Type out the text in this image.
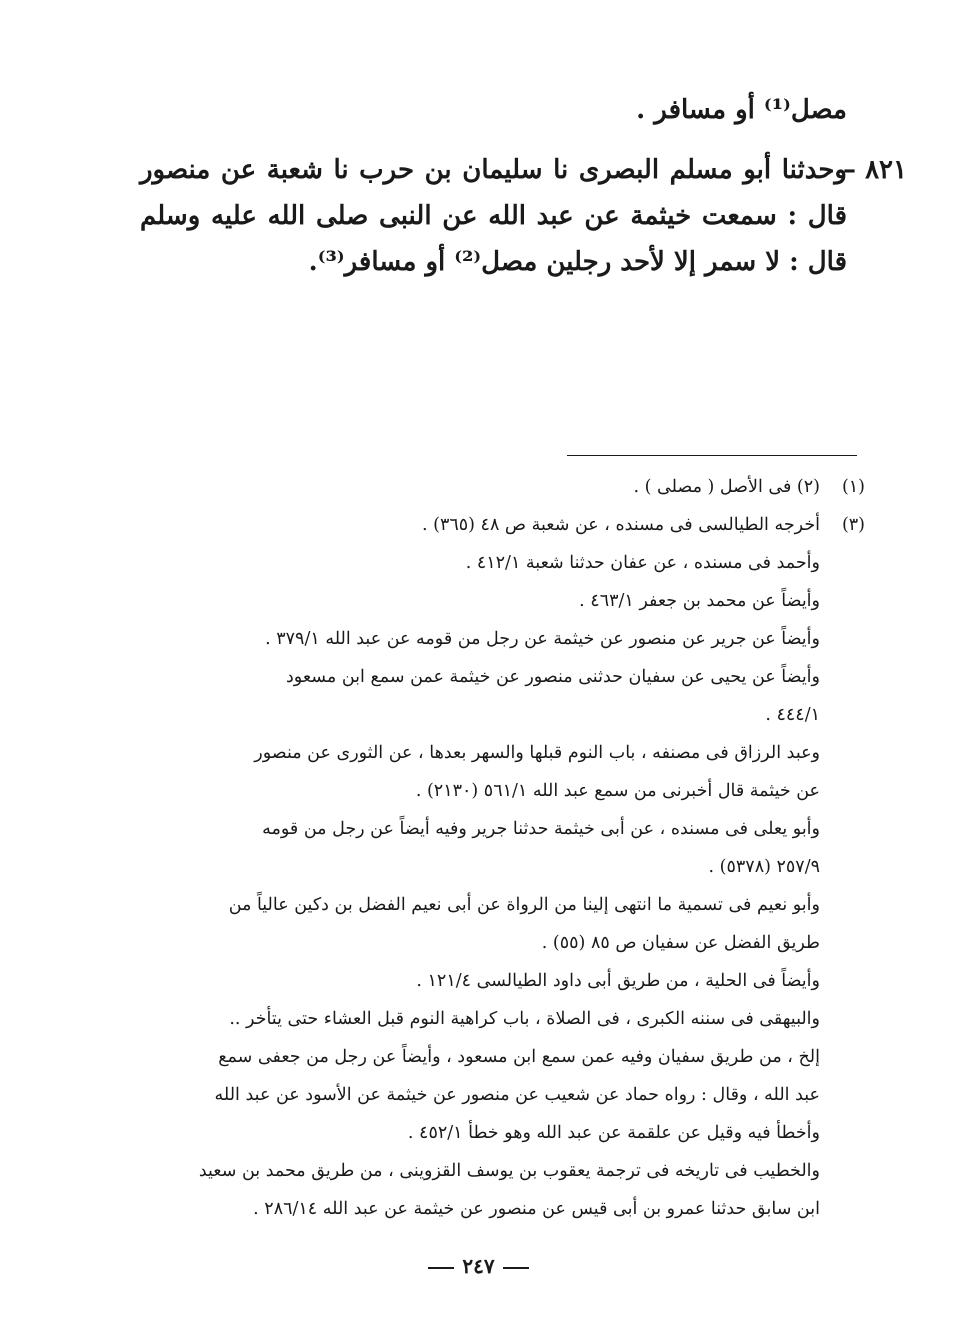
مصل⁽¹⁾ أو مسافر .
٨٢١ –
وحدثنا أبو مسلم البصرى نا سليمان بن حرب نا شعبة عن منصور
قال : سمعت خيثمة عن عبد الله عن النبى صلى الله عليه وسلم
قال : لا سمر إلا لأحد رجلين مصل⁽²⁾ أو مسافر⁽³⁾.
(١)
(٢) فى الأصل ( مصلى ) .
(٣)
أخرجه الطيالسى فى مسنده ، عن شعبة ص ٤٨ (٣٦٥) .
وأحمد فى مسنده ، عن عفان حدثنا شعبة ٤١٢/١ .
وأيضاً عن محمد بن جعفر ٤٦٣/١ .
وأيضاً عن جرير عن منصور عن خيثمة عن رجل من قومه عن عبد الله ٣٧٩/١ .
وأيضاً عن يحيى عن سفيان حدثنى منصور عن خيثمة عمن سمع ابن مسعود
٤٤٤/١ .
وعبد الرزاق فى مصنفه ، باب النوم قبلها والسهر بعدها ، عن الثورى عن منصور
عن خيثمة قال أخبرنى من سمع عبد الله ٥٦١/١ (٢١٣٠) .
وأبو يعلى فى مسنده ، عن أبى خيثمة حدثنا جرير وفيه أيضاً عن رجل من قومه
٢٥٧/٩ (٥٣٧٨) .
وأبو نعيم فى تسمية ما انتهى إلينا من الرواة عن أبى نعيم الفضل بن دكين عالياً من
طريق الفضل عن سفيان ص ٨٥ (٥٥) .
وأيضاً فى الحلية ، من طريق أبى داود الطيالسى ١٢١/٤ .
والبيهقى فى سننه الكبرى ، فى الصلاة ، باب كراهية النوم قبل العشاء حتى يتأخر ..
إلخ ، من طريق سفيان وفيه عمن سمع ابن مسعود ، وأيضاً عن رجل من جعفى سمع
عبد الله ، وقال : رواه حماد عن شعيب عن منصور عن خيثمة عن الأسود عن عبد الله
وأخطأ فيه وقيل عن علقمة عن عبد الله وهو خطأ ٤٥٢/١ .
والخطيب فى تاريخه فى ترجمة يعقوب بن يوسف القزوينى ، من طريق محمد بن سعيد
ابن سابق حدثنا عمرو بن أبى قيس عن منصور عن خيثمة عن عبد الله ٢٨٦/١٤ .
٢٤٧
